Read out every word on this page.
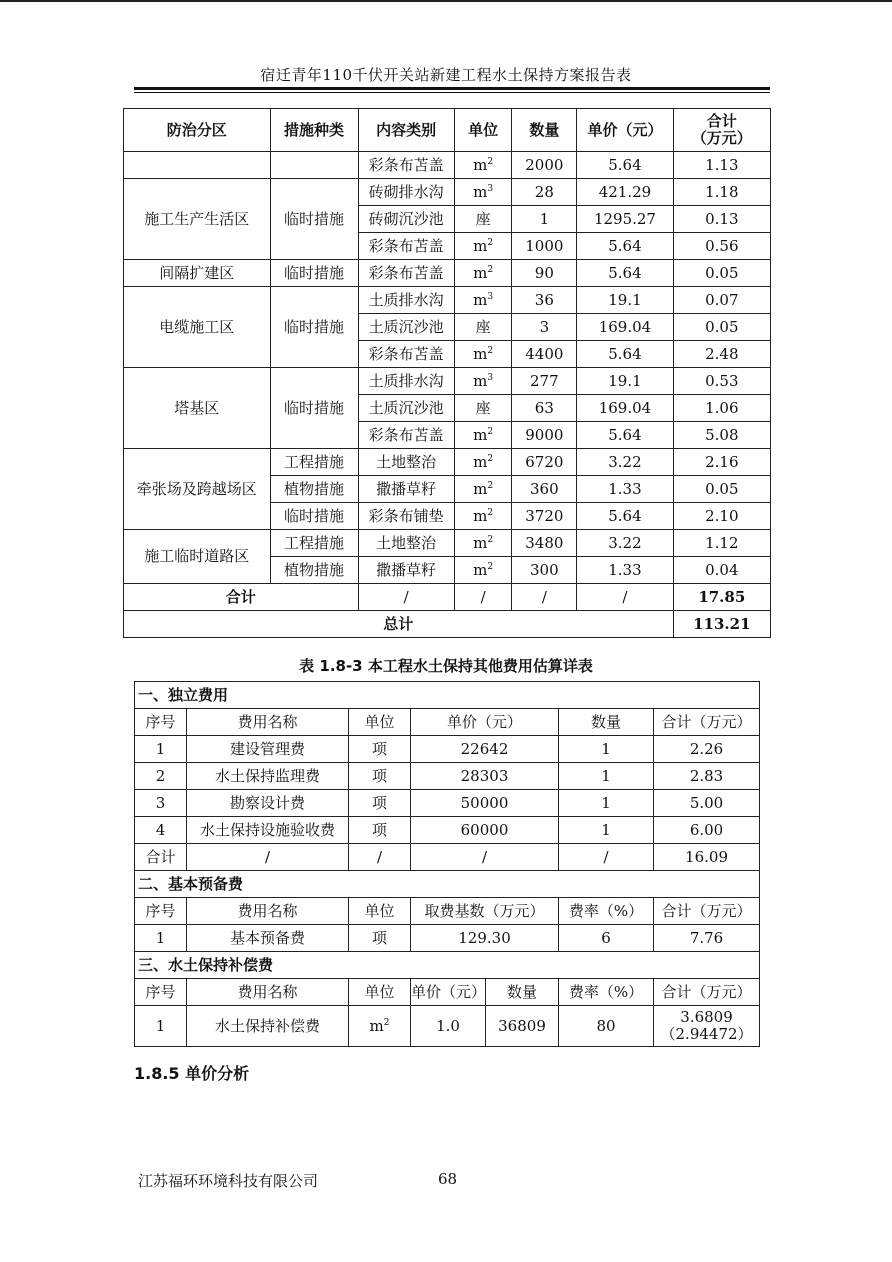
宿迁青年110千伏开关站新建工程水土保持方案报告表
防治分区	措施种类	内容类别	单位	数量	单价（元）	合计
（万元）
		彩条布苫盖	$m^2$	2000	5.64	1.13
施工生产生活区	临时措施	砖砌排水沟	$m^3$	28	421.29	1.18
		砖砌沉沙池	座	1	1295.27	0.13
		彩条布苫盖	$m^2$	1000	5.64	0.56
间隔扩建区	临时措施	彩条布苫盖	$m^2$	90	5.64	0.05
电缆施工区	临时措施	土质排水沟	$m^3$	36	19.1	0.07
		土质沉沙池	座	3	169.04	0.05
		彩条布苫盖	$m^2$	4400	5.64	2.48
塔基区	临时措施	土质排水沟	$m^3$	277	19.1	0.53
		土质沉沙池	座	63	169.04	1.06
		彩条布苫盖	$m^2$	9000	5.64	5.08
牵张场及跨越场区	工程措施	土地整治	$m^2$	6720	3.22	2.16
	植物措施	撒播草籽	$m^2$	360	1.33	0.05
	临时措施	彩条布铺垫	$m^2$	3720	5.64	2.10
施工临时道路区	工程措施	土地整治	$m^2$	3480	3.22	1.12
	植物措施	撒播草籽	$m^2$	300	1.33	0.04
合计		/	/	/	/	17.85
总计						113.21
表 1.8-3 本工程水土保持其他费用估算详表
一、独立费用						
序号	费用名称	单位	单价（元）		数量	合计（万元）
1	建设管理费	项	22642		1	2.26
2	水土保持监理费	项	28303		1	2.83
3	勘察设计费	项	50000		1	5.00
4	水土保持设施验收费	项	60000		1	6.00
合计	/	/	/		/	16.09
二、基本预备费						
序号	费用名称	单位	取费基数（万元）		费率（%）	合计（万元）
1	基本预备费	项	129.30		6	7.76
三、水土保持补偿费						
序号	费用名称	单位	单价（元）	数量	费率（%）	合计（万元）
1	水土保持补偿费	$m^2$	1.0	36809	80	3.6809
（2.94472）
1.8.5 单价分析
江苏福环环境科技有限公司	68
